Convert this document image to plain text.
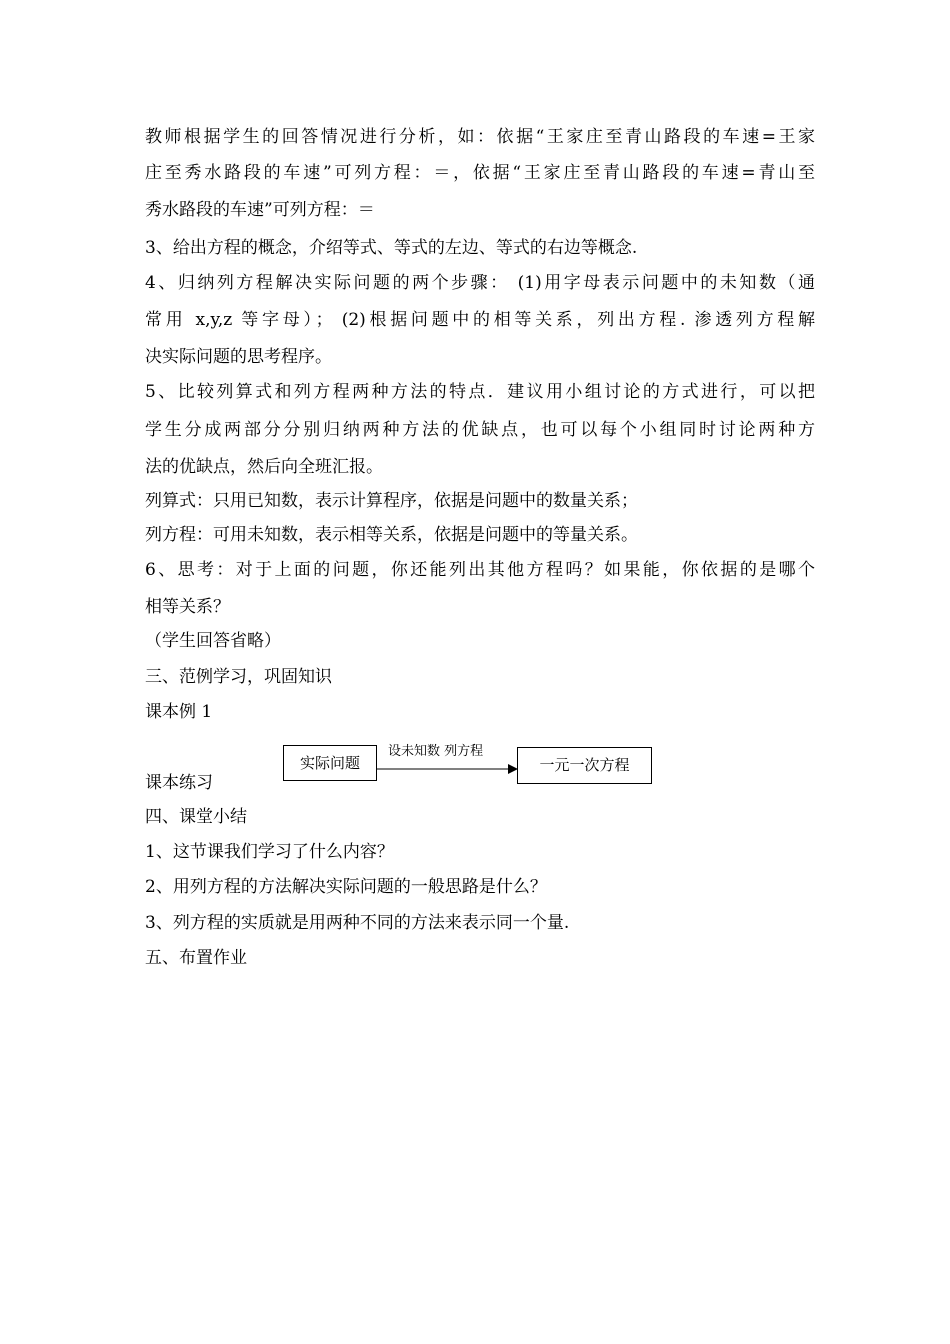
教师根据学生的回答情况进行分析，如：依据“王家庄至青山路段的车速=王家
庄至秀水路段的车速”可列方程：＝，依据“王家庄至青山路段的车速=青山至
秀水路段的车速”可列方程：＝
3、给出方程的概念，介绍等式、等式的左边、等式的右边等概念.
4、归纳列方程解决实际问题的两个步骤： (1)用字母表示问题中的未知数（通
常用 x,y,z 等字母）； (2)根据问题中的相等关系，列出方程. 渗透列方程解
决实际问题的思考程序。
5、比较列算式和列方程两种方法的特点．建议用小组讨论的方式进行，可以把
学生分成两部分分别归纳两种方法的优缺点，也可以每个小组同时讨论两种方
法的优缺点，然后向全班汇报。
列算式：只用已知数，表示计算程序，依据是问题中的数量关系；
列方程：可用未知数，表示相等关系，依据是问题中的等量关系。
6、思考：对于上面的问题，你还能列出其他方程吗？如果能，你依据的是哪个
相等关系？
（学生回答省略）
三、范例学习，巩固知识
课本例 1
实际问题
设未知数 列方程
一元一次方程
课本练习
四、课堂小结
1、这节课我们学习了什么内容？
2、用列方程的方法解决实际问题的一般思路是什么？
3、列方程的实质就是用两种不同的方法来表示同一个量.
五、布置作业
